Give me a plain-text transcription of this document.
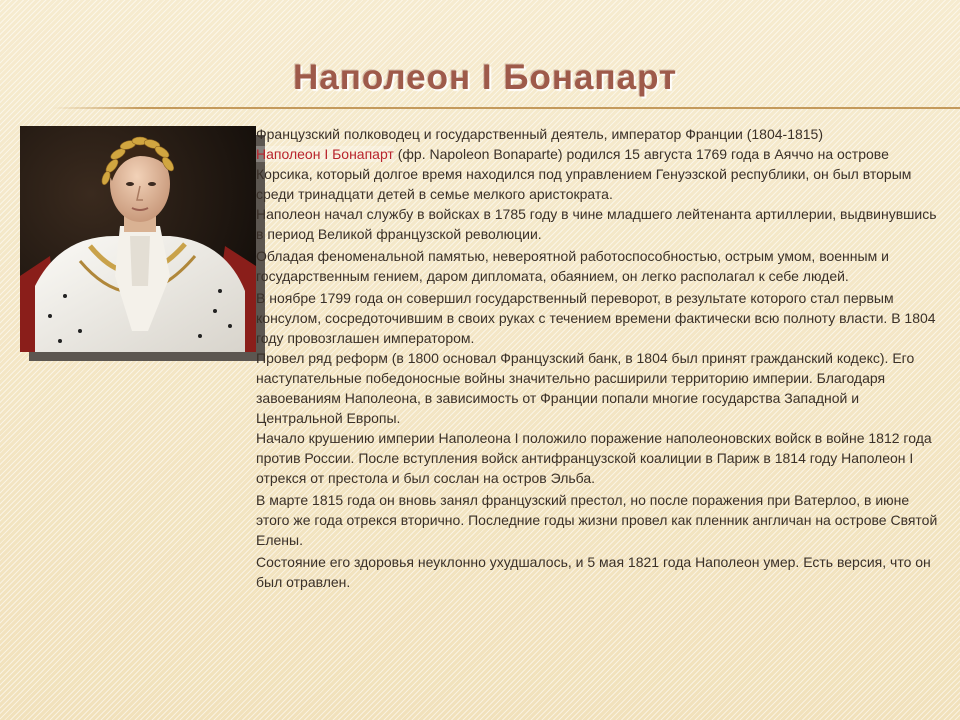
Наполеон I Бонапарт

Французский полководец и государственный деятель, император Франции (1804-1815)

Наполеон I Бонапарт (фр. Napoleon Bonaparte) родился 15 августа 1769 года в Аяччо на острове Корсика, который долгое время находился под управлением Генуэзской республики, он был вторым среди тринадцати детей в семье мелкого аристократа.

Наполеон начал службу в войсках в 1785 году в чине младшего лейтенанта артиллерии, выдвинувшись в период Великой французской революции.

Обладая феноменальной памятью, невероятной работоспособностью, острым умом, военным и государственным гением, даром дипломата, обаянием, он легко располагал к себе людей.

В ноябре 1799 года он совершил государственный переворот, в результате которого стал первым консулом, сосредоточившим в своих руках с течением времени фактически всю полноту власти. В 1804 году провозглашен императором.

Провел ряд реформ (в 1800 основал Французский банк, в 1804 был принят гражданский кодекс). Его наступательные победоносные войны значительно расширили территорию империи. Благодаря завоеваниям Наполеона, в зависимость от Франции попали многие государства Западной и Центральной Европы.

Начало крушению империи Наполеона I положило поражение наполеоновских войск в войне 1812 года против России. После вступления войск антифранцузской коалиции в Париж в 1814 году Наполеон I отрекся от престола и был сослан на остров Эльба.

В марте 1815 года он вновь занял французский престол, но после поражения при Ватерлоо, в июне этого же года отрекся вторично. Последние годы жизни провел как пленник англичан на острове Святой Елены.

Состояние его здоровья неуклонно ухудшалось, и 5 мая 1821 года Наполеон умер. Есть версия, что он был отравлен.
